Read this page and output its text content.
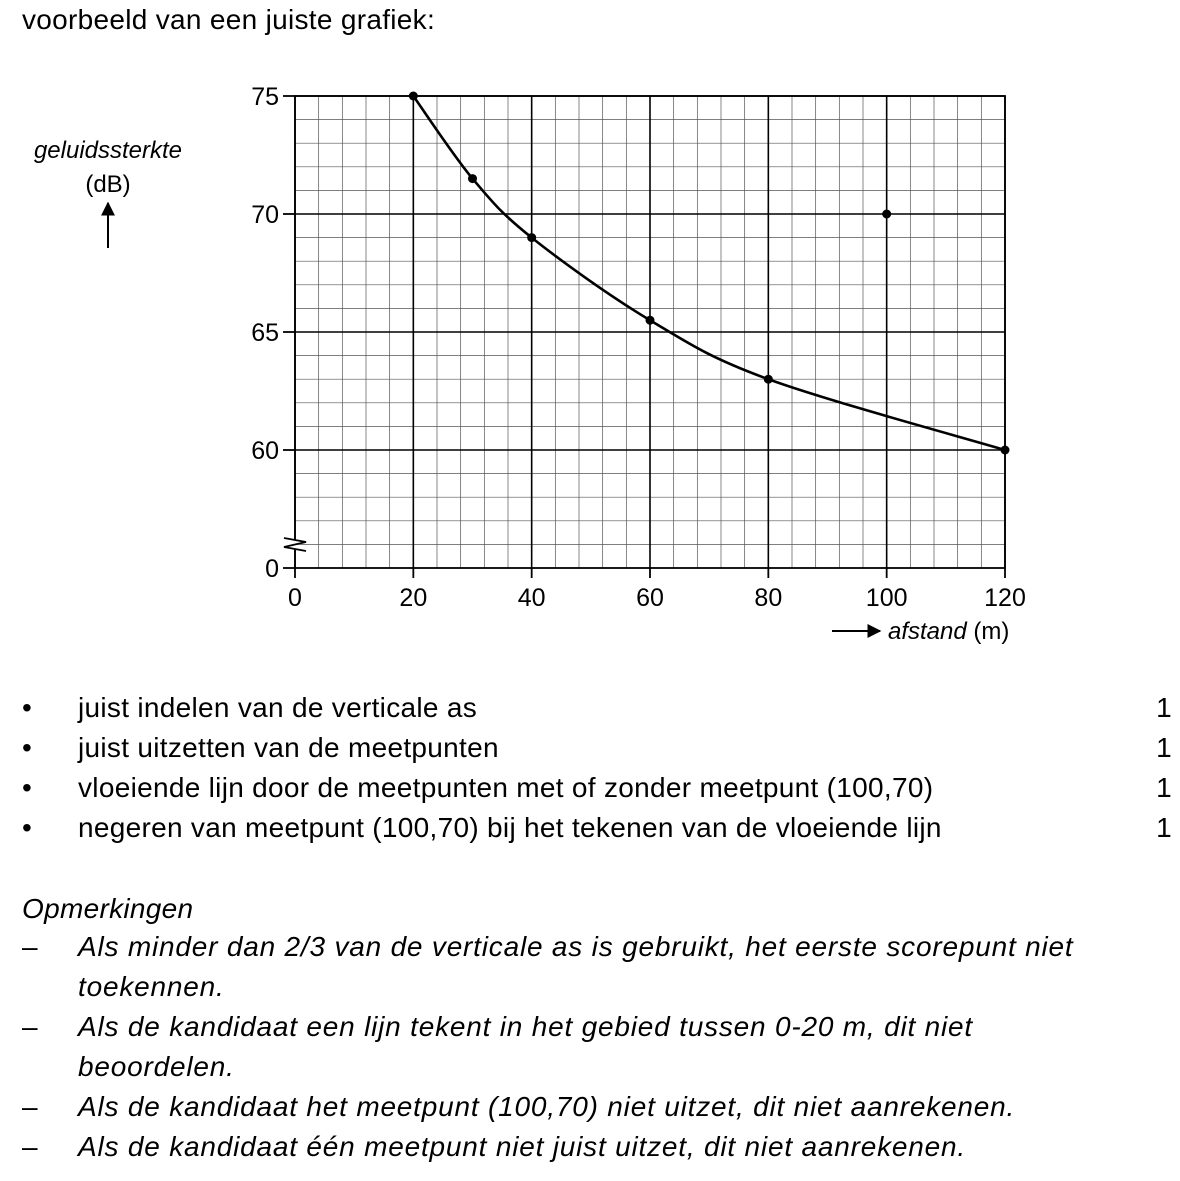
voorbeeld van een juiste grafiek:
0
60
65
70
75
0	20	40	60	80	100	120
geluidssterkte
(dB)
afstand (m)
• juist indelen van de verticale as	1
• juist uitzetten van de meetpunten	1
• vloeiende lijn door de meetpunten met of zonder meetpunt (100,70)	1
• negeren van meetpunt (100,70) bij het tekenen van de vloeiende lijn	1
Opmerkingen
– Als minder dan 2/3 van de verticale as is gebruikt, het eerste scorepunt niet toekennen.
– Als de kandidaat een lijn tekent in het gebied tussen 0-20 m, dit niet beoordelen.
– Als de kandidaat het meetpunt (100,70) niet uitzet, dit niet aanrekenen.
– Als de kandidaat één meetpunt niet juist uitzet, dit niet aanrekenen.
